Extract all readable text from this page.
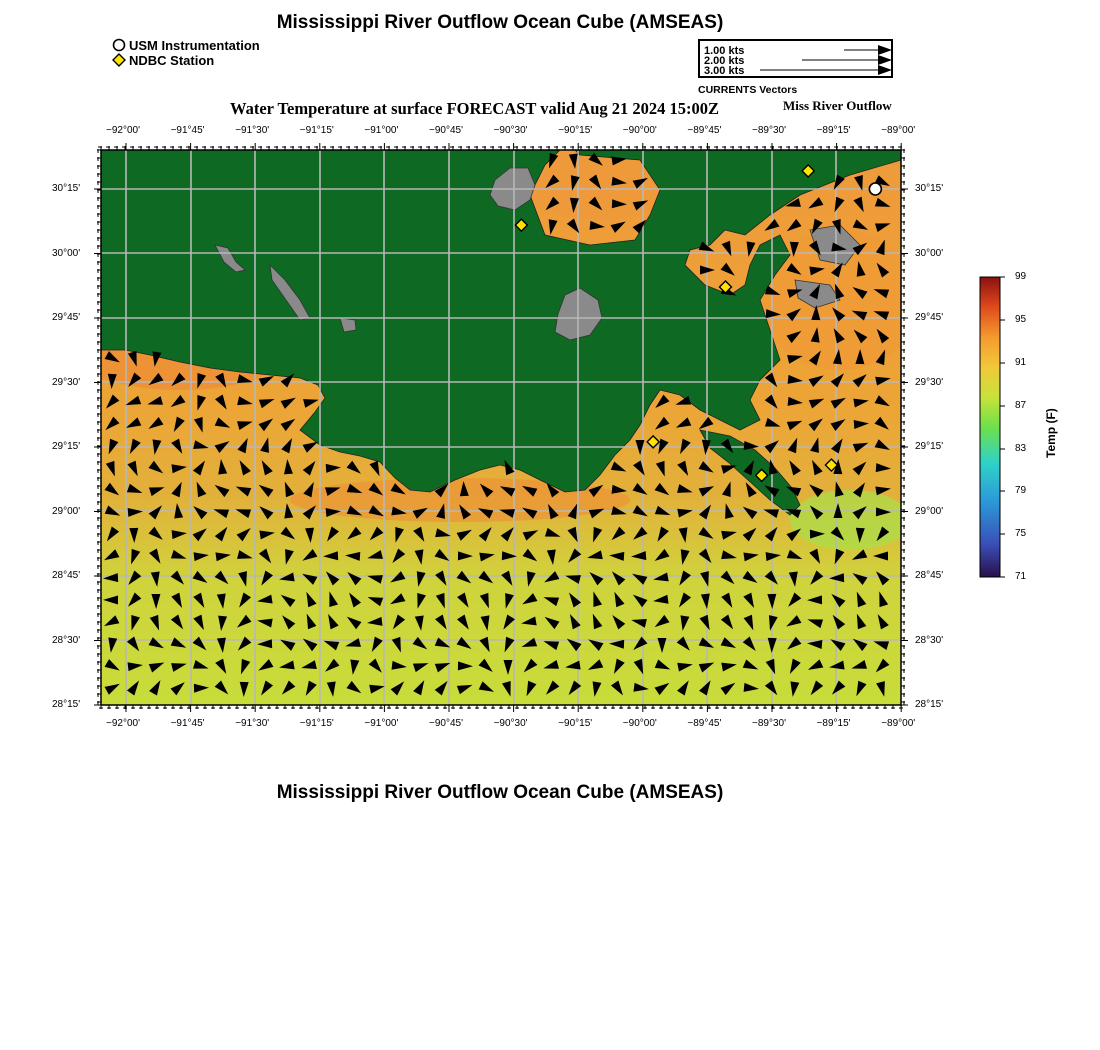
Mississippi River Outflow Ocean Cube (AMSEAS)
USM Instrumentation
NDBC Station
1.00 kts
2.00 kts
3.00 kts
CURRENTS Vectors
Water Temperature at surface FORECAST valid Aug 21 2024 15:00Z	Miss River Outflow
−92°00'	−91°45'	−91°30'	−91°15'	−91°00'	−90°45'	−90°30'	−90°15'	−90°00'	−89°45'	−89°30'	−89°15'	−89°00'
−92°00'	−91°45'	−91°30'	−91°15'	−91°00'	−90°45'	−90°30'	−90°15'	−90°00'	−89°45'	−89°30'	−89°15'	−89°00'
30°15'
30°00'
29°45'
29°30'
29°15'
29°00'
28°45'
28°30'
28°15'
30°15'
30°00'
29°45'
29°30'
29°15'
29°00'
28°45'
28°30'
28°15'
99
95
91
87
83
79
75
71
Temp (F)
Mississippi River Outflow Ocean Cube (AMSEAS)
